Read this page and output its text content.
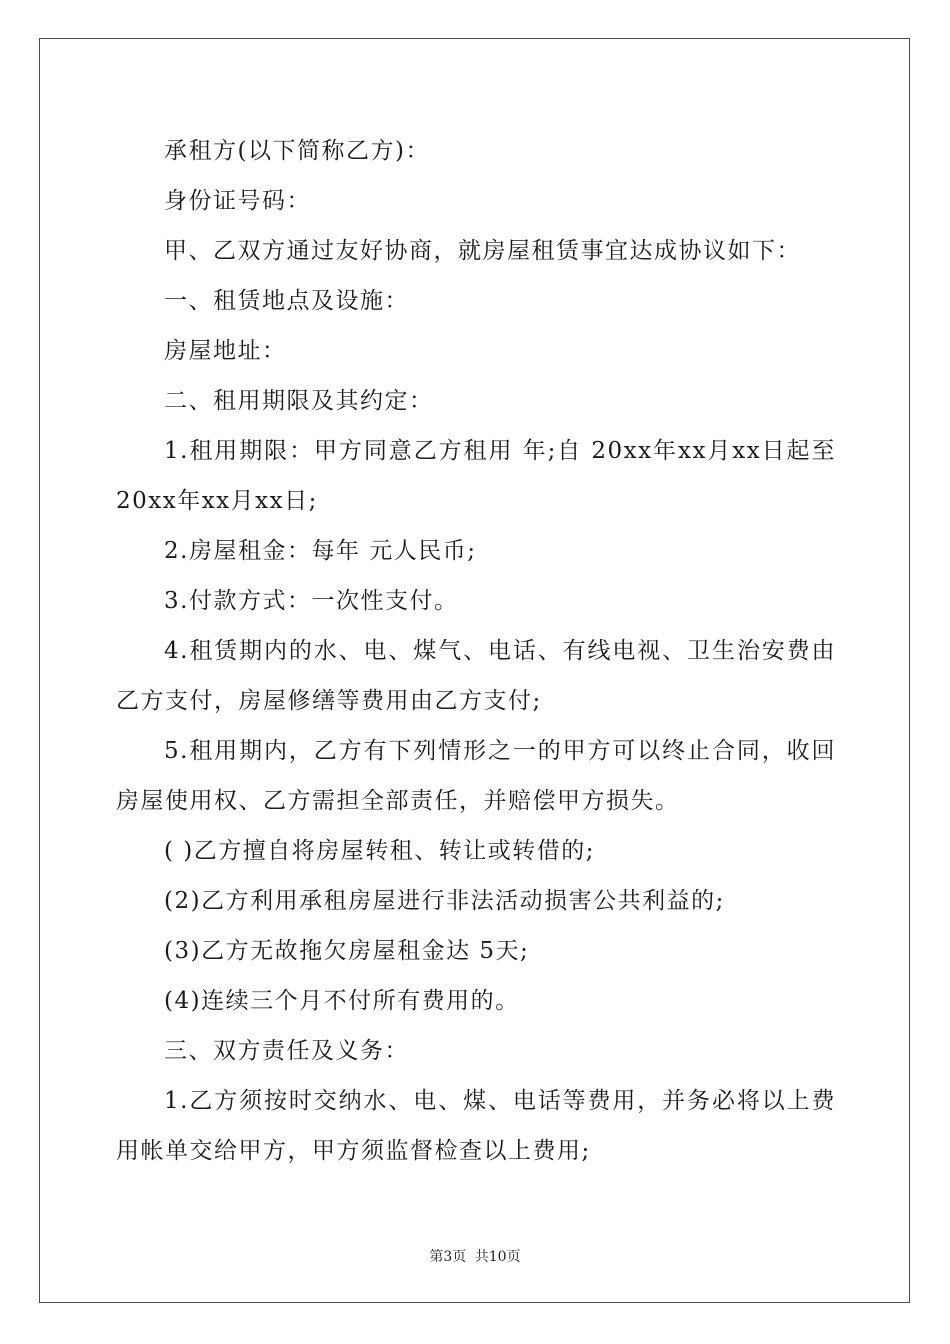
承租方(以下简称乙方)：

身份证号码：

甲、乙双方通过友好协商，就房屋租赁事宜达成协议如下：

一、租赁地点及设施：

房屋地址：

二、租用期限及其约定：

1.租用期限：甲方同意乙方租用 年;自 20xx年xx月xx日起至 20xx年xx月xx日;

2.房屋租金：每年 元人民币;

3.付款方式：一次性支付。

4.租赁期内的水、电、煤气、电话、有线电视、卫生治安费由乙方支付，房屋修缮等费用由乙方支付;

5.租用期内，乙方有下列情形之一的甲方可以终止合同，收回房屋使用权、乙方需担全部责任，并赔偿甲方损失。

( )乙方擅自将房屋转租、转让或转借的;

(2)乙方利用承租房屋进行非法活动损害公共利益的;

(3)乙方无故拖欠房屋租金达 5天;

(4)连续三个月不付所有费用的。

三、双方责任及义务：

1.乙方须按时交纳水、电、煤、电话等费用，并务必将以上费用帐单交给甲方，甲方须监督检查以上费用;

第3页 共10页
